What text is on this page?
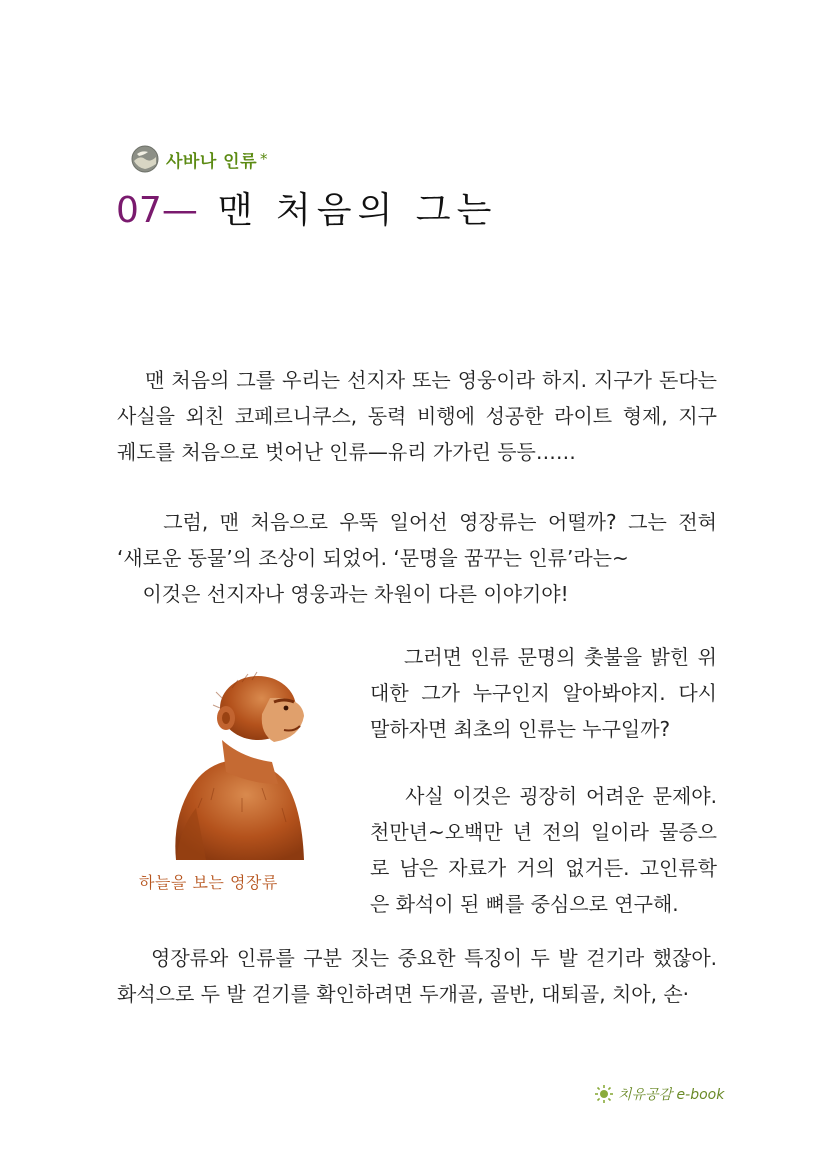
사바나 인류 *
07 — 맨 처음의 그는

맨 처음의 그를 우리는 선지자 또는 영웅이라 하지. 지구가 돈다는 사실을 외친 코페르니쿠스, 동력 비행에 성공한 라이트 형제, 지구 궤도를 처음으로 벗어난 인류—유리 가가린 등등……

그럼, 맨 처음으로 우뚝 일어선 영장류는 어떨까? 그는 전혀 ‘새로운 동물’의 조상이 되었어. ‘문명을 꿈꾸는 인류’라는~
이것은 선지자나 영웅과는 차원이 다른 이야기야!

그러면 인류 문명의 촛불을 밝힌 위대한 그가 누구인지 알아봐야지. 다시 말하자면 최초의 인류는 누구일까?

사실 이것은 굉장히 어려운 문제야. 천만년~오백만 년 전의 일이라 물증으로 남은 자료가 거의 없거든. 고인류학은 화석이 된 뼈를 중심으로 연구해.

영장류와 인류를 구분 짓는 중요한 특징이 두 발 걷기라 했잖아. 화석으로 두 발 걷기를 확인하려면 두개골, 골반, 대퇴골, 치아, 손·

하늘을 보는 영장류
치유공감 e-book
